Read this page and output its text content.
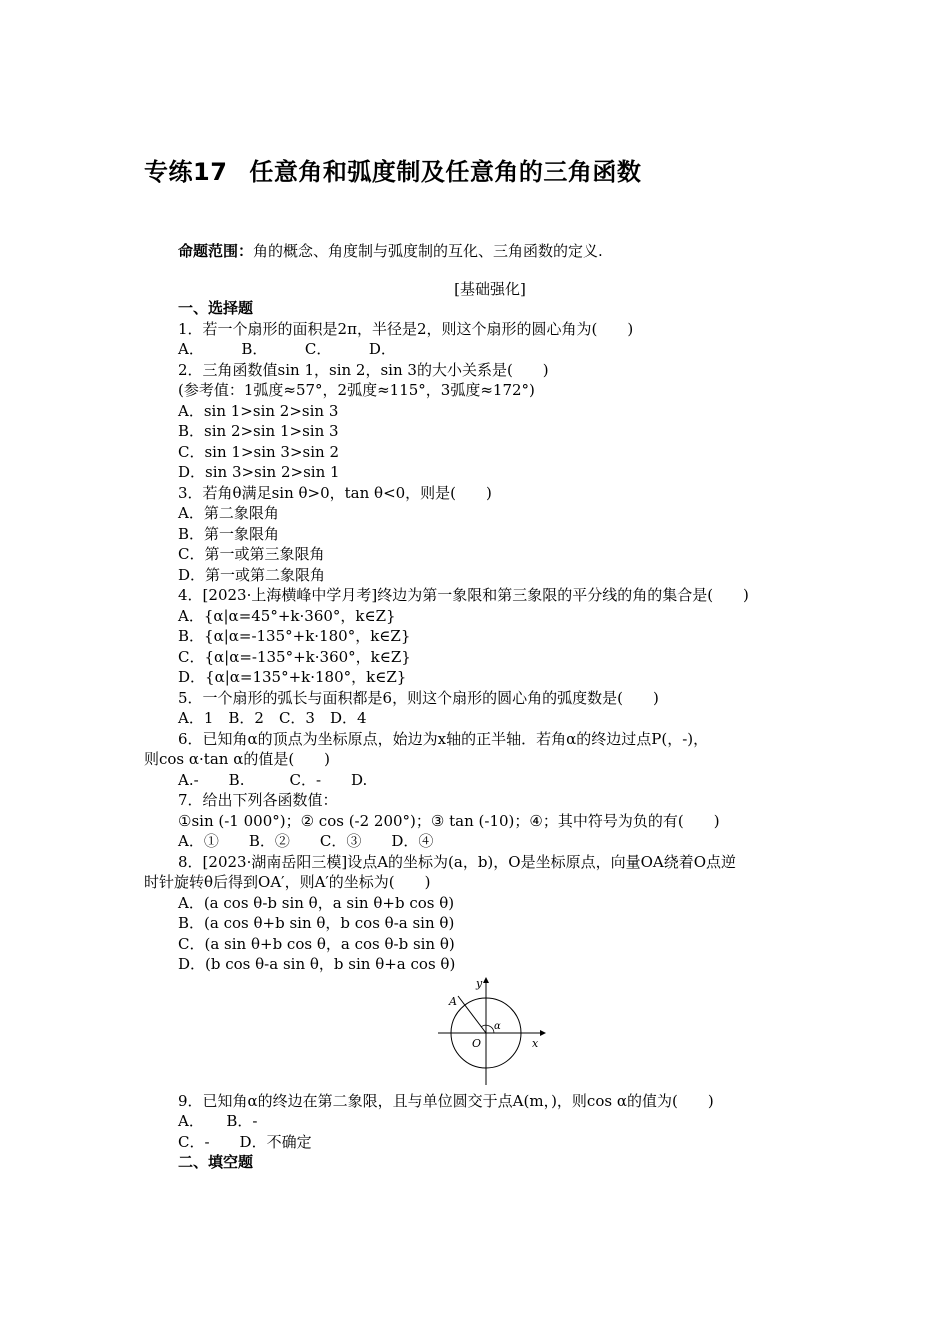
专练17 任意角和弧度制及任意角的三角函数
命题范围：角的概念、角度制与弧度制的互化、三角函数的定义.
[基础强化]
一、选择题
1．若一个扇形的面积是2π，半径是2，则这个扇形的圆心角为(　　)
A．　　　B．　　　C．　　　D．
2．三角函数值sin 1，sin 2，sin 3的大小关系是(　　)
(参考值：1弧度≈57°，2弧度≈115°，3弧度≈172°)
A．sin 1>sin 2>sin 3
B．sin 2>sin 1>sin 3
C．sin 1>sin 3>sin 2
D．sin 3>sin 2>sin 1
3．若角θ满足sin θ>0，tan θ<0，则是(　　)
A．第二象限角
B．第一象限角
C．第一或第三象限角
D．第一或第二象限角
4．[2023·上海横峰中学月考]终边为第一象限和第三象限的平分线的角的集合是(　　)
A．{α|α=45°+k·360°，k∈Z}
B．{α|α=-135°+k·180°，k∈Z}
C．{α|α=-135°+k·360°，k∈Z}
D．{α|α=135°+k·180°，k∈Z}
5．一个扇形的弧长与面积都是6，则这个扇形的圆心角的弧度数是(　　)
A．1　B．2　C．3　D．4
6．已知角α的顶点为坐标原点，始边为x轴的正半轴．若角α的终边过点P(，-)，
则cos α·tan α的值是(　　)
A.-　　B.　　　C．-　　D.
7．给出下列各函数值：
①sin (-1 000°)；② cos (-2 200°)；③ tan (-10)；④；其中符号为负的有(　　)
A．①　　B．②　　C．③　　D．④
8．[2023·湖南岳阳三模]设点A的坐标为(a，b)，O是坐标原点，向量OA绕着O点逆
时针旋转θ后得到OA′，则A′的坐标为(　　)
A．(a cos θ-b sin θ，a sin θ+b cos θ)
B．(a cos θ+b sin θ，b cos θ-a sin θ)
C．(a sin θ+b cos θ，a cos θ-b sin θ)
D．(b cos θ-a sin θ，b sin θ+a cos θ)
x
y
O
A
α
9．已知角α的终边在第二象限，且与单位圆交于点A(m，)，则cos α的值为(　　)
A．　　B．-
C．-　　D．不确定
二、填空题
